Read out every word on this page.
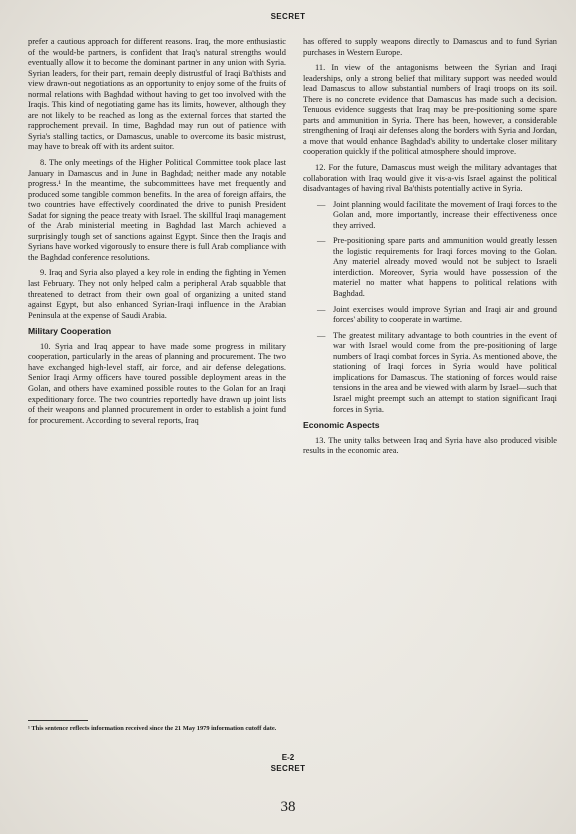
SECRET

prefer a cautious approach for different reasons. Iraq, the more enthusiastic of the would-be partners, is confident that Iraq's natural strengths would eventually allow it to become the dominant partner in any union with Syria. Syrian leaders, for their part, remain deeply distrustful of Iraqi Ba'thists and view drawn-out negotiations as an opportunity to enjoy some of the fruits of normal relations with Baghdad without having to get too involved with the Iraqis. This kind of negotiating game has its limits, however, although they are not likely to be reached as long as the external forces that started the rapprochement prevail. In time, Baghdad may run out of patience with Syria's stalling tactics, or Damascus, unable to overcome its basic mistrust, may have to break off with its ardent suitor.

8. The only meetings of the Higher Political Committee took place last January in Damascus and in June in Baghdad; neither made any notable progress.¹ In the meantime, the subcommittees have met frequently and produced some tangible common benefits. In the area of foreign affairs, the two countries have effectively coordinated the drive to punish President Sadat for signing the peace treaty with Israel. The skillful Iraqi management of the Arab ministerial meeting in Baghdad last March achieved a surprisingly tough set of sanctions against Egypt. Since then the Iraqis and Syrians have worked vigorously to ensure there is full Arab compliance with the Baghdad conference resolutions.

9. Iraq and Syria also played a key role in ending the fighting in Yemen last February. They not only helped calm a peripheral Arab squabble that threatened to detract from their own goal of organizing a united stand against Egypt, but also enhanced Syrian-Iraqi influence in the Arabian Peninsula at the expense of Saudi Arabia.

Military Cooperation

10. Syria and Iraq appear to have made some progress in military cooperation, particularly in the areas of planning and procurement. The two have exchanged high-level staff, air force, and air defense delegations. Senior Iraqi Army officers have toured possible deployment areas in the Golan, and others have examined possible routes to the Golan for an Iraqi expeditionary force. The two countries reportedly have drawn up joint lists of their weapons and planned procurement in order to establish a joint fund for procurement. According to several reports, Iraq

has offered to supply weapons directly to Damascus and to fund Syrian purchases in Western Europe.

11. In view of the antagonisms between the Syrian and Iraqi leaderships, only a strong belief that military support was needed would lead Damascus to allow substantial numbers of Iraqi troops on its soil. There is no concrete evidence that Damascus has made such a decision. Tenuous evidence suggests that Iraq may be pre-positioning some spare parts and ammunition in Syria. There has been, however, a considerable strengthening of Iraqi air defenses along the borders with Syria and Jordan, a move that would enhance Baghdad's ability to undertake closer military cooperation quickly if the political atmosphere should improve.

12. For the future, Damascus must weigh the military advantages that collaboration with Iraq would give it vis-a-vis Israel against the political disadvantages of having rival Ba'thists potentially active in Syria.

— Joint planning would facilitate the movement of Iraqi forces to the Golan and, more importantly, increase their effectiveness once they arrived.
— Pre-positioning spare parts and ammunition would greatly lessen the logistic requirements for Iraqi forces moving to the Golan. Any materiel already moved would not be subject to Israeli interdiction. Moreover, Syria would have possession of the materiel no matter what happens to political relations with Baghdad.
— Joint exercises would improve Syrian and Iraqi air and ground forces' ability to cooperate in wartime.
— The greatest military advantage to both countries in the event of war with Israel would come from the pre-positioning of large numbers of Iraqi combat forces in Syria. As mentioned above, the stationing of Iraqi forces in Syria would have political implications for Damascus. The stationing of forces would raise tensions in the area and be viewed with alarm by Israel—such that Israel might preempt such an attempt to station significant Iraqi forces in Syria.
Economic Aspects

13. The unity talks between Iraq and Syria have also produced visible results in the economic area.

¹ This sentence reflects information received since the 21 May 1979 information cutoff date.
E-2
SECRET
38
